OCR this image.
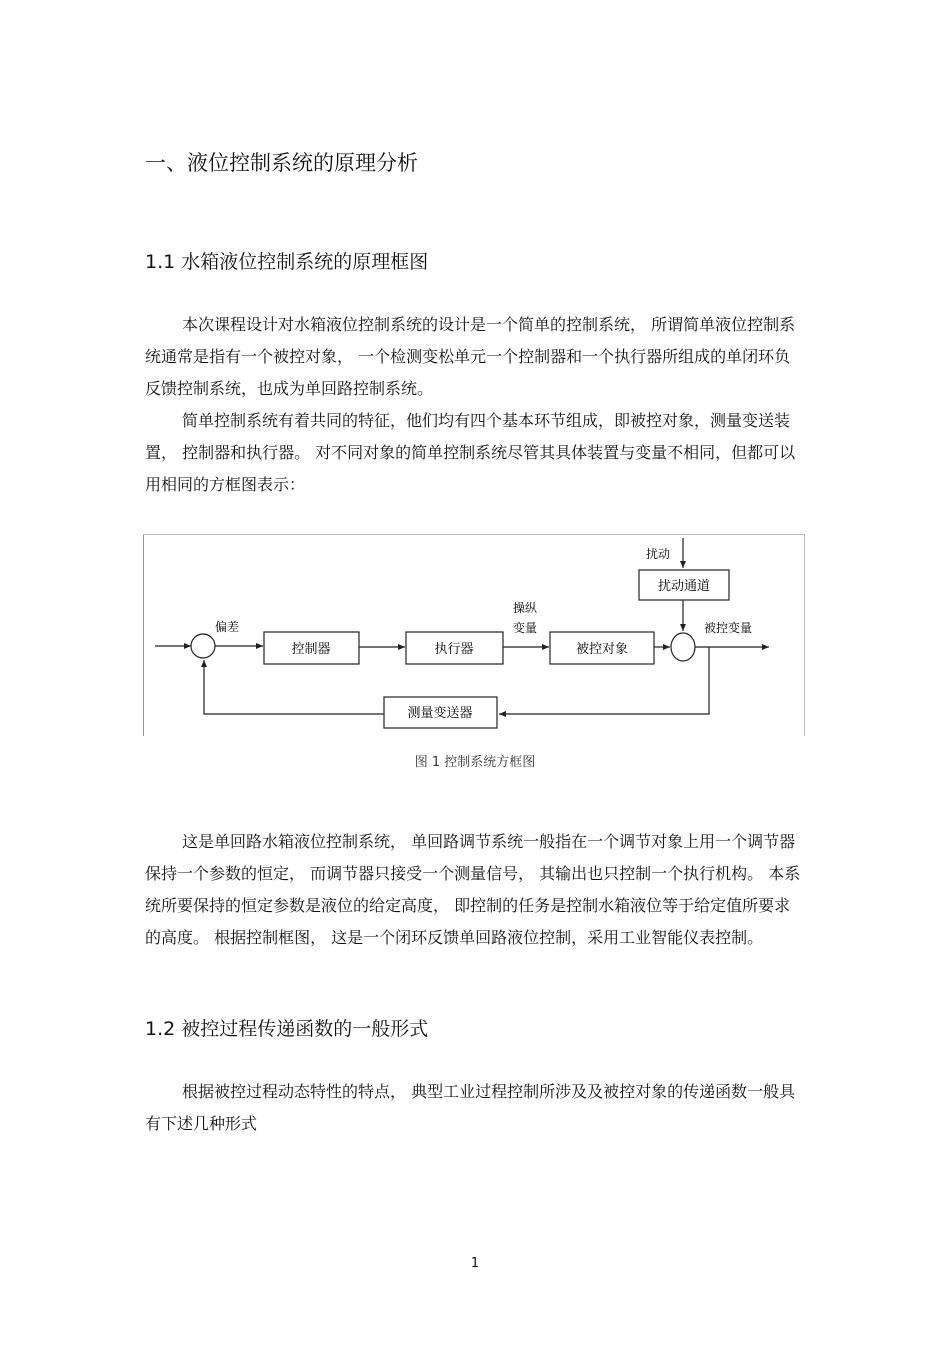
一、液位控制系统的原理分析
1.1 水箱液位控制系统的原理框图

本次课程设计对水箱液位控制系统的设计是一个简单的控制系统， 所谓简单液位控制系统通常是指有一个被控对象， 一个检测变松单元一个控制器和一个执行器所组成的单闭环负反馈控制系统，也成为单回路控制系统。

简单控制系统有着共同的特征，他们均有四个基本环节组成，即被控对象，测量变送装置， 控制器和执行器。 对不同对象的简单控制系统尽管其具体装置与变量不相同，但都可以用相同的方框图表示：

偏差
控制器	执行器
操纵
变量
被控对象
扰动
扰动通道
被控变量
测量变送器
图 1 控制系统方框图

这是单回路水箱液位控制系统， 单回路调节系统一般指在一个调节对象上用一个调节器保持一个参数的恒定， 而调节器只接受一个测量信号， 其输出也只控制一个执行机构。 本系统所要保持的恒定参数是液位的给定高度， 即控制的任务是控制水箱液位等于给定值所要求的高度。 根据控制框图， 这是一个闭环反馈单回路液位控制，采用工业智能仪表控制。

1.2 被控过程传递函数的一般形式

根据被控过程动态特性的特点， 典型工业过程控制所涉及及被控对象的传递函数一般具有下述几种形式

1
